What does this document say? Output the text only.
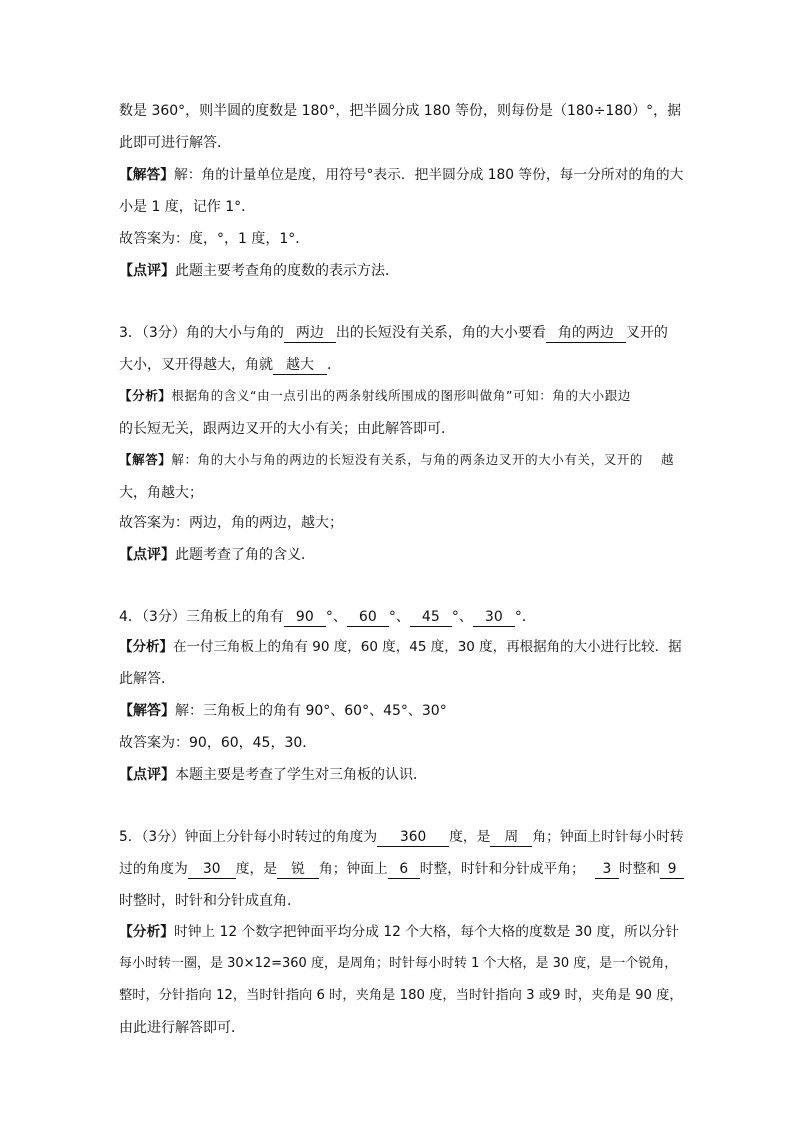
数是 360°，则半圆的度数是 180°，把半圆分成 180 等份，则每份是（180÷180）°，据
此即可进行解答．
【解答】解：角的计量单位是度，用符号°表示．把半圆分成 180 等份，每一分所对的角的大
小是 1 度，记作 1°．
故答案为：度，°，1 度，1°．
【点评】此题主要考查角的度数的表示方法．
3．（3分）角的大小与角的 两边 出的长短没有关系，角的大小要看 角的两边 叉开的
大小，叉开得越大，角就 越大 ．
【分析】根据角的含义“由一点引出的两条射线所围成的图形叫做角”可知：角的大小跟边
的长短无关，跟两边叉开的大小有关；由此解答即可．
【解答】解：角的大小与角的两边的长短没有关系，与角的两条边叉开的大小有关，叉开的 越
大，角越大；
故答案为：两边，角的两边，越大；
【点评】此题考查了角的含义．
4．（3分）三角板上的角有 90 °、 60 °、 45 °、 30 °．
【分析】在一付三角板上的角有 90 度，60 度，45 度，30 度，再根据角的大小进行比较．据
此解答．
【解答】解：三角板上的角有 90°、60°、45°、30°
故答案为：90，60，45，30．
【点评】本题主要是考查了学生对三角板的认识．
5．（3分）钟面上分针每小时转过的角度为 360 度，是 周 角；钟面上时针每小时转
过的角度为 30 度，是 锐 角；钟面上 6 时整，时针和分针成平角； 3 时整和 9
时整时，时针和分针成直角．
【分析】时钟上 12 个数字把钟面平均分成 12 个大格，每个大格的度数是 30 度，所以分针
每小时转一圈，是 30×12=360 度，是周角；时针每小时转 1 个大格，是 30 度，是一个锐角，
整时，分针指向 12，当时针指向 6 时，夹角是 180 度，当时针指向 3 或9 时，夹角是 90 度，
由此进行解答即可．
